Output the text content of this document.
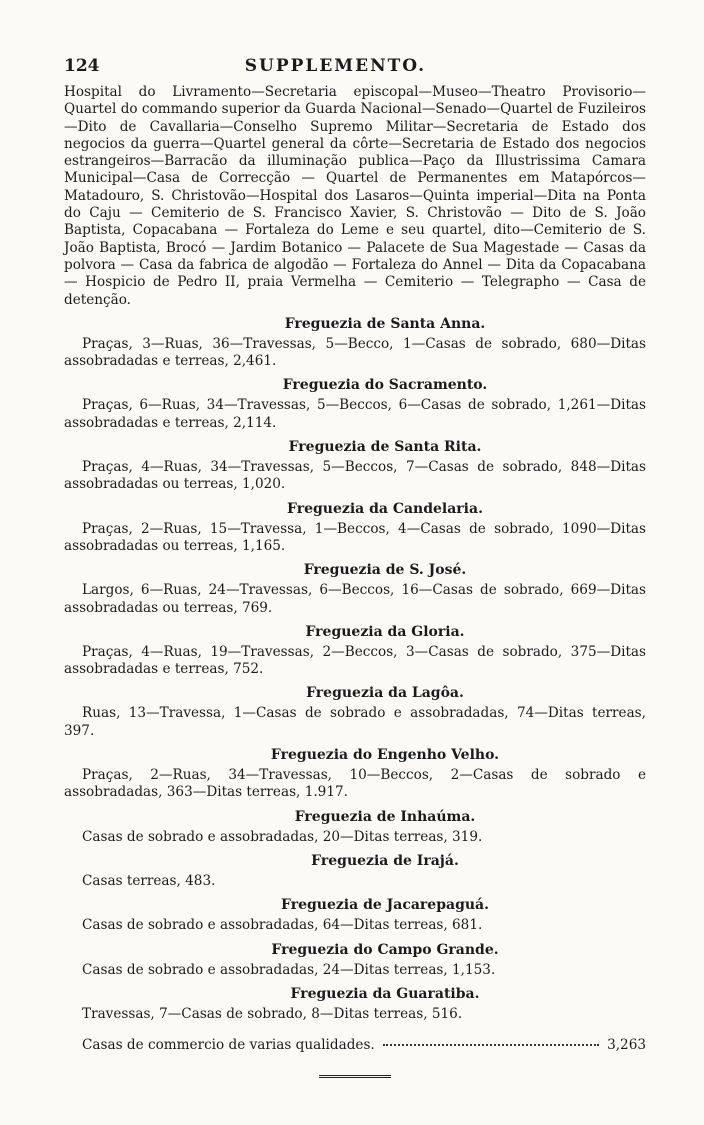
124	SUPPLEMENTO.

Hospital do Livramento—Secretaria episcopal—Museo—Theatro Provisorio—Quartel do commando superior da Guarda Nacional—Senado—Quartel de Fuzileiros—Dito de Cavallaria—Conselho Supremo Militar—Secretaria de Estado dos negocios da guerra—Quartel general da côrte—Secretaria de Estado dos negocios estrangeiros—Barracão da illuminação publica—Paço da Illustrissima Camara Municipal—Casa de Correcção — Quartel de Permanentes em Matapórcos—Matadouro, S. Christovão—Hospital dos Lasaros—Quinta imperial—Dita na Ponta do Caju — Cemiterio de S. Francisco Xavier, S. Christovão — Dito de S. João Baptista, Copacabana — Fortaleza do Leme e seu quartel, dito—Cemiterio de S. João Baptista, Brocó — Jardim Botanico — Palacete de Sua Magestade — Casas da polvora — Casa da fabrica de algodão — Fortaleza do Annel — Dita da Copacabana — Hospicio de Pedro II, praia Vermelha — Cemiterio — Telegrapho — Casa de detenção.

Freguezia de Santa Anna.

Praças, 3—Ruas, 36—Travessas, 5—Becco, 1—Casas de sobrado, 680—Ditas assobradadas e terreas, 2,461.

Freguezia do Sacramento.

Praças, 6—Ruas, 34—Travessas, 5—Beccos, 6—Casas de sobrado, 1,261—Ditas assobradadas e terreas, 2,114.

Freguezia de Santa Rita.

Praças, 4—Ruas, 34—Travessas, 5—Beccos, 7—Casas de sobrado, 848—Ditas assobradadas ou terreas, 1,020.

Freguezia da Candelaria.

Praças, 2—Ruas, 15—Travessa, 1—Beccos, 4—Casas de sobrado, 1090—Ditas assobradadas ou terreas, 1,165.

Freguezia de S. José.

Largos, 6—Ruas, 24—Travessas, 6—Beccos, 16—Casas de sobrado, 669—Ditas assobradadas ou terreas, 769.

Freguezia da Gloria.

Praças, 4—Ruas, 19—Travessas, 2—Beccos, 3—Casas de sobrado, 375—Ditas assobradadas e terreas, 752.

Freguezia da Lagôa.

Ruas, 13—Travessa, 1—Casas de sobrado e assobradadas, 74—Ditas terreas, 397.

Freguezia do Engenho Velho.

Praças, 2—Ruas, 34—Travessas, 10—Beccos, 2—Casas de sobrado e assobradadas, 363—Ditas terreas, 1.917.

Freguezia de Inhaúma.

Casas de sobrado e assobradadas, 20—Ditas terreas, 319.

Freguezia de Irajá.

Casas terreas, 483.

Freguezia de Jacarepaguá.

Casas de sobrado e assobradadas, 64—Ditas terreas, 681.

Freguezia do Campo Grande.

Casas de sobrado e assobradadas, 24—Ditas terreas, 1,153.

Freguezia da Guaratiba.

Travessas, 7—Casas de sobrado, 8—Ditas terreas, 516.

Casas de commercio de varias qualidades.	3,263
